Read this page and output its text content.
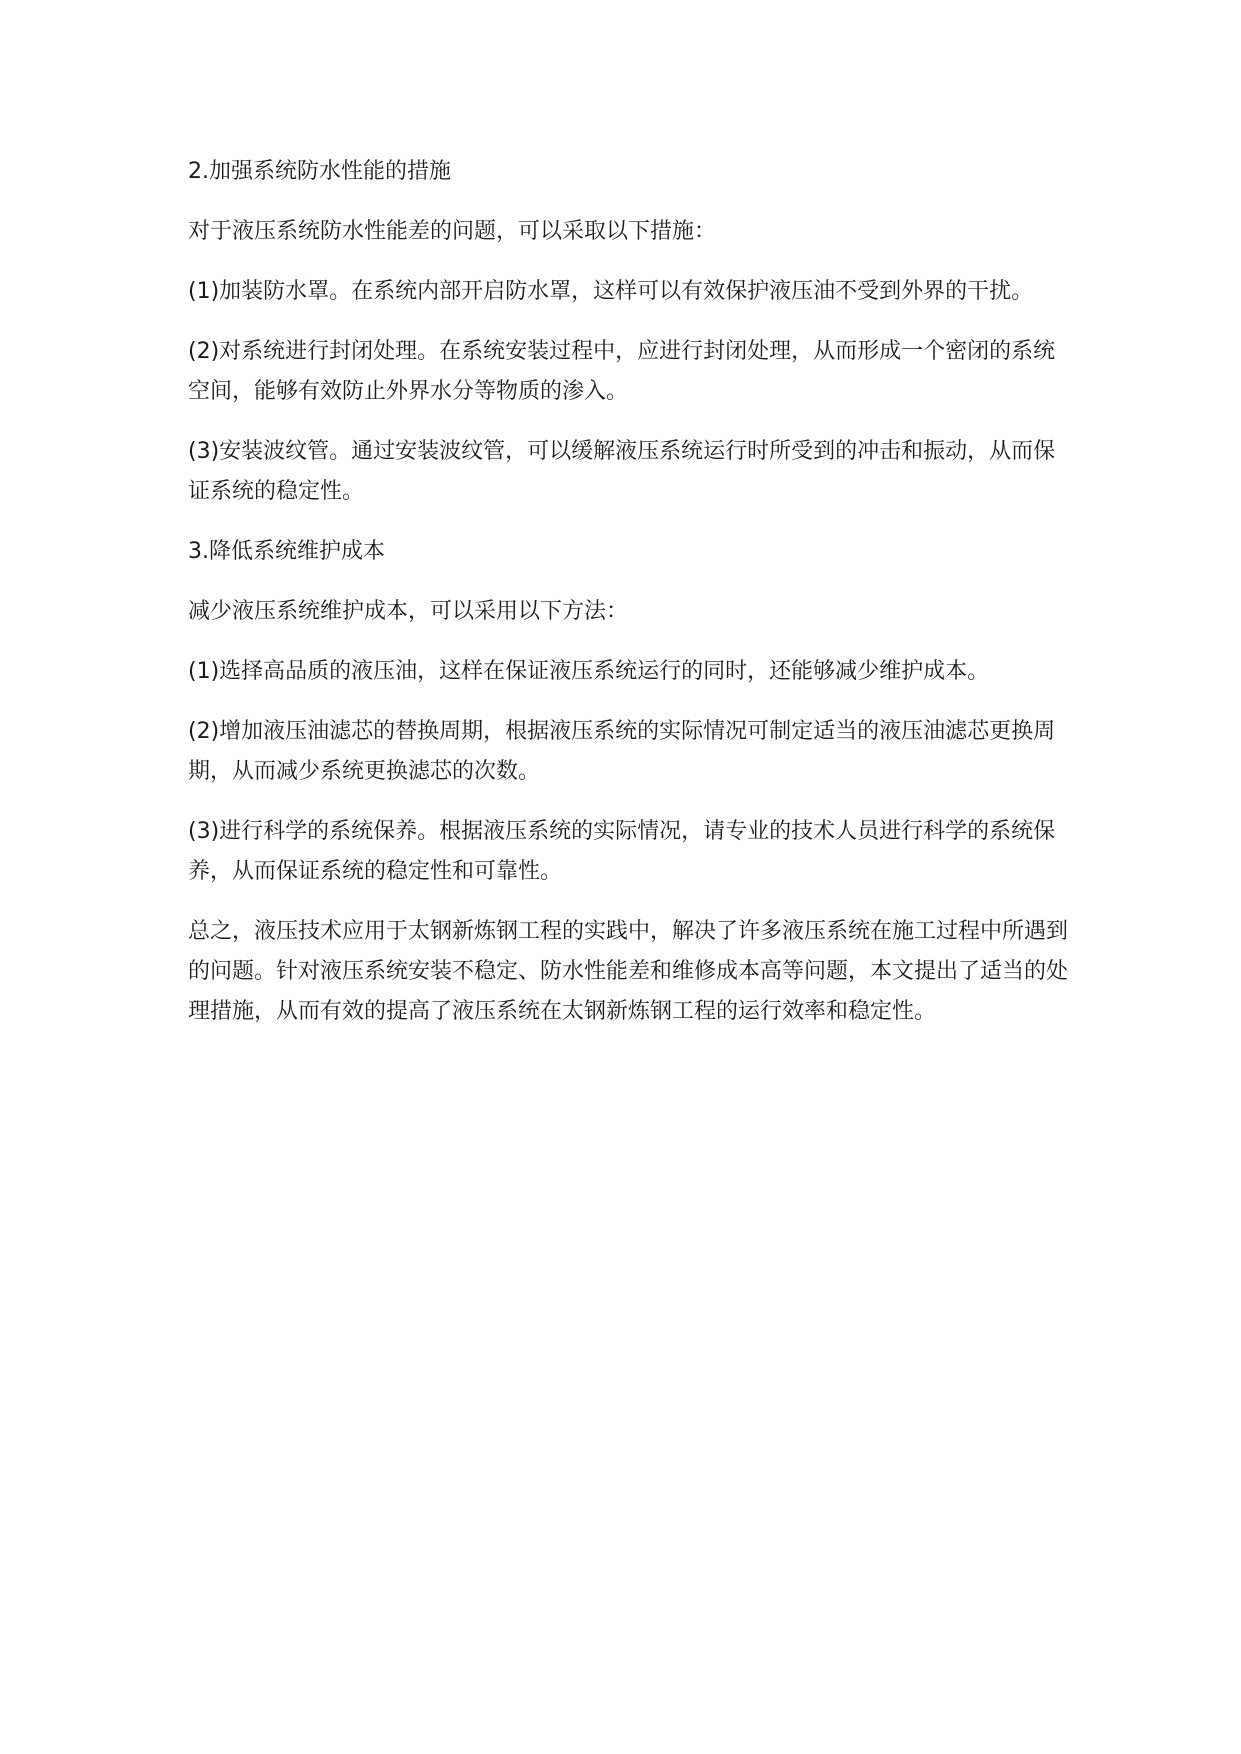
2.加强系统防水性能的措施

对于液压系统防水性能差的问题，可以采取以下措施：

(1)加装防水罩。在系统内部开启防水罩，这样可以有效保护液压油不受到外界的干扰。

(2)对系统进行封闭处理。在系统安装过程中，应进行封闭处理，从而形成一个密闭的系统空间，能够有效防止外界水分等物质的渗入。

(3)安装波纹管。通过安装波纹管，可以缓解液压系统运行时所受到的冲击和振动，从而保证系统的稳定性。

3.降低系统维护成本

减少液压系统维护成本，可以采用以下方法：

(1)选择高品质的液压油，这样在保证液压系统运行的同时，还能够减少维护成本。

(2)增加液压油滤芯的替换周期，根据液压系统的实际情况可制定适当的液压油滤芯更换周期，从而减少系统更换滤芯的次数。

(3)进行科学的系统保养。根据液压系统的实际情况，请专业的技术人员进行科学的系统保养，从而保证系统的稳定性和可靠性。

总之，液压技术应用于太钢新炼钢工程的实践中，解决了许多液压系统在施工过程中所遇到的问题。针对液压系统安装不稳定、防水性能差和维修成本高等问题，本文提出了适当的处理措施，从而有效的提高了液压系统在太钢新炼钢工程的运行效率和稳定性。
